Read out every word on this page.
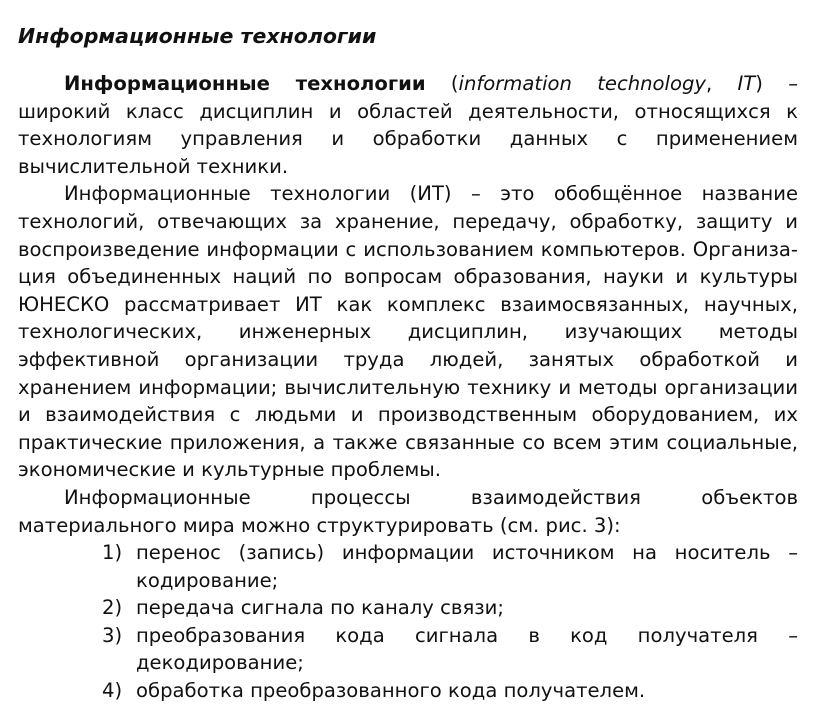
Информационные технологии

Информационные технологии (information technology, IT) – широкий класс дисциплин и областей деятельности, относящихся к технологиям управления и обработки данных с применением вычислительной техники.

Информационные технологии (ИТ) – это обобщённое название технологий, отвечающих за хранение, передачу, обработку, защиту и воспроизведение информации с использованием компьютеров. Организа- ция объединенных наций по вопросам образования, науки и культуры ЮНЕСКО рассматривает ИТ как комплекс взаимосвязанных, научных, технологических, инженерных дисциплин, изучающих методы эффективной организации труда людей, занятых обработкой и хранением информации; вычислительную технику и методы организации и взаимодействия с людьми и производственным оборудованием, их практические приложения, а также связанные со всем этим социальные, экономические и культурные проблемы.

Информационные процессы взаимодействия объектов материального мира можно структурировать (см. рис. 3):

1) перенос (запись) информации источником на носитель – кодирование;
2) передача сигнала по каналу связи;
3) преобразования кода сигнала в код получателя – декодирование;
4) обработка преобразованного кода получателем.
